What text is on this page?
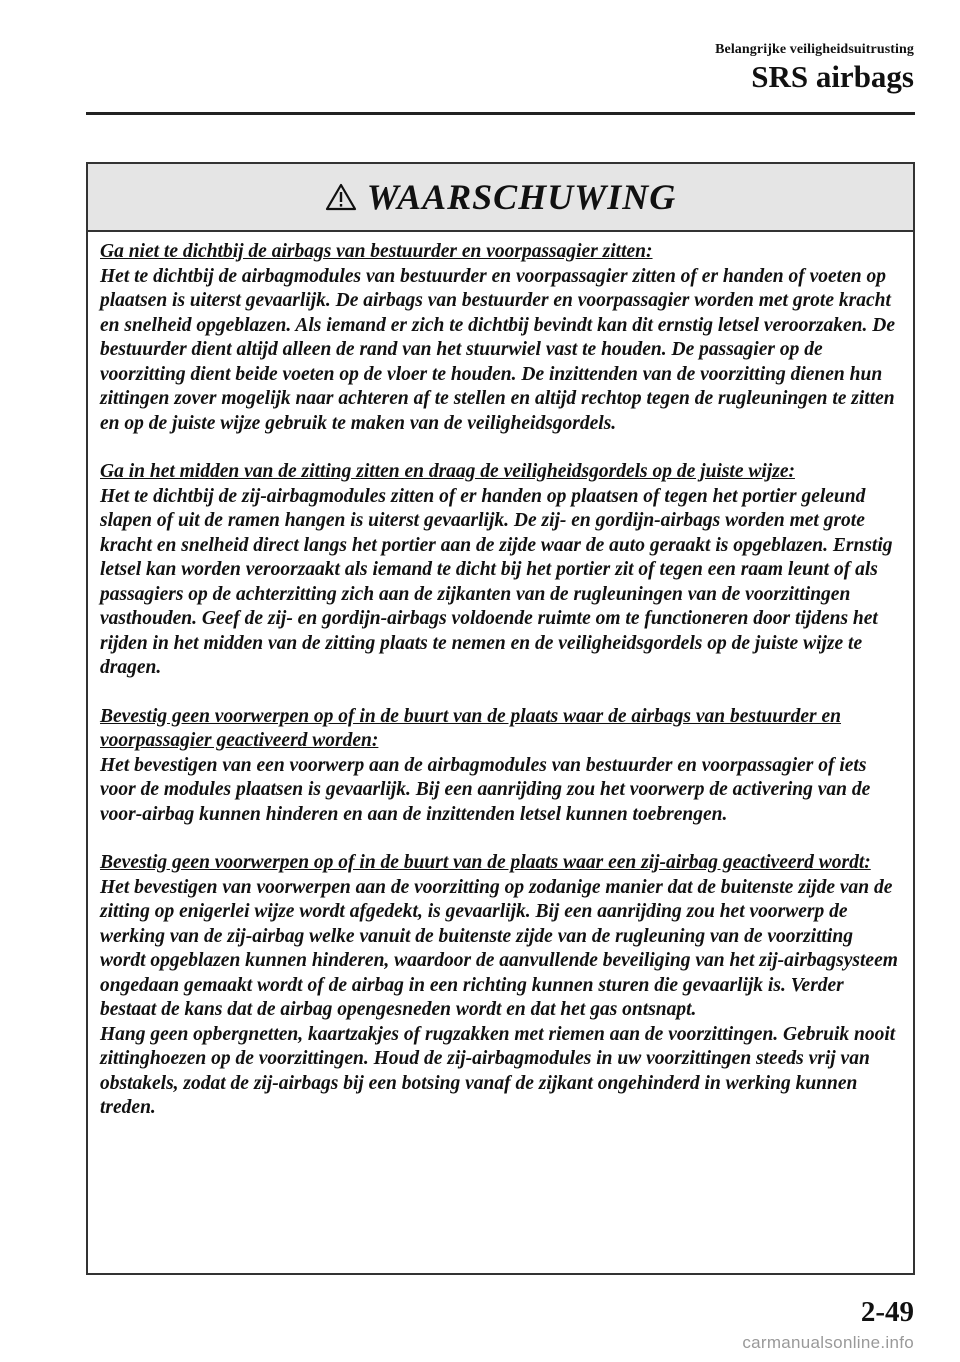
Belangrijke veiligheidsuitrusting
SRS airbags
WAARSCHUWING

Ga niet te dichtbij de airbags van bestuurder en voorpassagier zitten:

Het te dichtbij de airbagmodules van bestuurder en voorpassagier zitten of er handen of voeten op plaatsen is uiterst gevaarlijk. De airbags van bestuurder en voorpassagier worden met grote kracht en snelheid opgeblazen. Als iemand er zich te dichtbij bevindt kan dit ernstig letsel veroorzaken. De bestuurder dient altijd alleen de rand van het stuurwiel vast te houden. De passagier op de voorzitting dient beide voeten op de vloer te houden. De inzittenden van de voorzitting dienen hun zittingen zover mogelijk naar achteren af te stellen en altijd rechtop tegen de rugleuningen te zitten en op de juiste wijze gebruik te maken van de veiligheidsgordels.

Ga in het midden van de zitting zitten en draag de veiligheidsgordels op de juiste wijze:

Het te dichtbij de zij-airbagmodules zitten of er handen op plaatsen of tegen het portier geleund slapen of uit de ramen hangen is uiterst gevaarlijk. De zij- en gordijn-airbags worden met grote kracht en snelheid direct langs het portier aan de zijde waar de auto geraakt is opgeblazen. Ernstig letsel kan worden veroorzaakt als iemand te dicht bij het portier zit of tegen een raam leunt of als passagiers op de achterzitting zich aan de zijkanten van de rugleuningen van de voorzittingen vasthouden. Geef de zij- en gordijn-airbags voldoende ruimte om te functioneren door tijdens het rijden in het midden van de zitting plaats te nemen en de veiligheidsgordels op de juiste wijze te dragen.

Bevestig geen voorwerpen op of in de buurt van de plaats waar de airbags van bestuurder en voorpassagier geactiveerd worden:

Het bevestigen van een voorwerp aan de airbagmodules van bestuurder en voorpassagier of iets voor de modules plaatsen is gevaarlijk. Bij een aanrijding zou het voorwerp de activering van de voor-airbag kunnen hinderen en aan de inzittenden letsel kunnen toebrengen.

Bevestig geen voorwerpen op of in de buurt van de plaats waar een zij-airbag geactiveerd wordt:

Het bevestigen van voorwerpen aan de voorzitting op zodanige manier dat de buitenste zijde van de zitting op enigerlei wijze wordt afgedekt, is gevaarlijk. Bij een aanrijding zou het voorwerp de werking van de zij-airbag welke vanuit de buitenste zijde van de rugleuning van de voorzitting wordt opgeblazen kunnen hinderen, waardoor de aanvullende beveiliging van het zij-airbagsysteem ongedaan gemaakt wordt of de airbag in een richting kunnen sturen die gevaarlijk is. Verder bestaat de kans dat de airbag opengesneden wordt en dat het gas ontsnapt.

Hang geen opbergnetten, kaartzakjes of rugzakken met riemen aan de voorzittingen. Gebruik nooit zittinghoezen op de voorzittingen. Houd de zij-airbagmodules in uw voorzittingen steeds vrij van obstakels, zodat de zij-airbags bij een botsing vanaf de zijkant ongehinderd in werking kunnen treden.

2-49
carmanualsonline.info
